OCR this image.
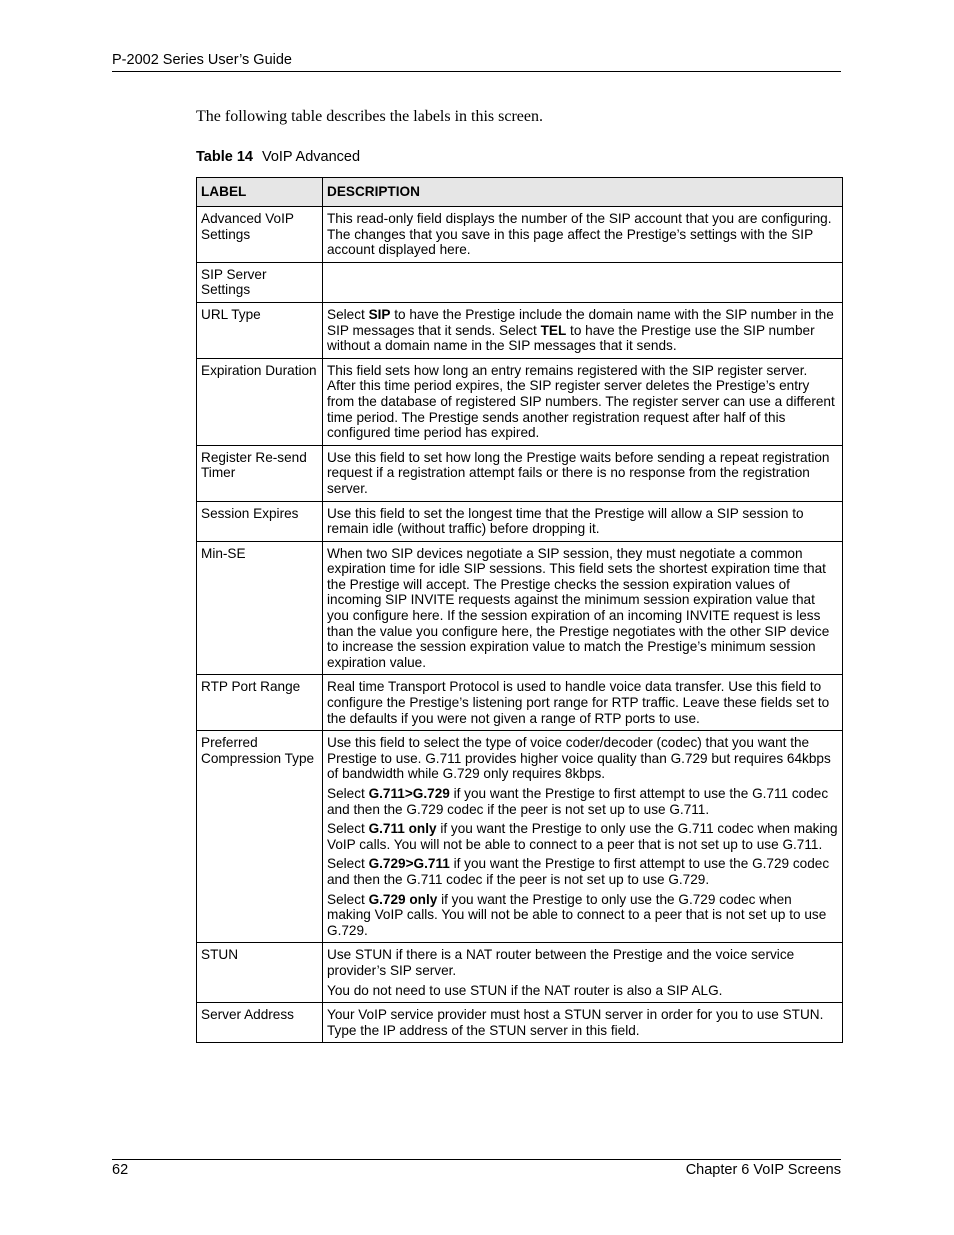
P-2002 Series User’s Guide
The following table describes the labels in this screen.
Table 14 VoIP Advanced
LABEL	DESCRIPTION
Advanced VoIP Settings	This read-only field displays the number of the SIP account that you are configuring. The changes that you save in this page affect the Prestige’s settings with the SIP account displayed here.

SIP Server Settings	
URL Type	Select SIP to have the Prestige include the domain name with the SIP number in the SIP messages that it sends. Select TEL to have the Prestige use the SIP number without a domain name in the SIP messages that it sends.

Expiration Duration	This field sets how long an entry remains registered with the SIP register server. After this time period expires, the SIP register server deletes the Prestige’s entry from the database of registered SIP numbers. The register server can use a different time period. The Prestige sends another registration request after half of this configured time period has expired.

Register Re-send Timer	Use this field to set how long the Prestige waits before sending a repeat registration request if a registration attempt fails or there is no response from the registration server.

Session Expires	Use this field to set the longest time that the Prestige will allow a SIP session to remain idle (without traffic) before dropping it.

Min-SE	When two SIP devices negotiate a SIP session, they must negotiate a common expiration time for idle SIP sessions. This field sets the shortest expiration time that the Prestige will accept. The Prestige checks the session expiration values of incoming SIP INVITE requests against the minimum session expiration value that you configure here. If the session expiration of an incoming INVITE request is less than the value you configure here, the Prestige negotiates with the other SIP device to increase the session expiration value to match the Prestige’s minimum session expiration value.

RTP Port Range	Real time Transport Protocol is used to handle voice data transfer. Use this field to configure the Prestige’s listening port range for RTP traffic. Leave these fields set to the defaults if you were not given a range of RTP ports to use.

Preferred Compression Type	Use this field to select the type of voice coder/decoder (codec) that you want the Prestige to use. G.711 provides higher voice quality than G.729 but requires 64kbps of bandwidth while G.729 only requires 8kbps.

Select G.711>G.729 if you want the Prestige to first attempt to use the G.711 codec and then the G.729 codec if the peer is not set up to use G.711.

Select G.711 only if you want the Prestige to only use the G.711 codec when making VoIP calls. You will not be able to connect to a peer that is not set up to use G.711.

Select G.729>G.711 if you want the Prestige to first attempt to use the G.729 codec and then the G.711 codec if the peer is not set up to use G.729.

Select G.729 only if you want the Prestige to only use the G.729 codec when making VoIP calls. You will not be able to connect to a peer that is not set up to use G.729.

STUN	Use STUN if there is a NAT router between the Prestige and the voice service provider’s SIP server.

You do not need to use STUN if the NAT router is also a SIP ALG.

Server Address	Your VoIP service provider must host a STUN server in order for you to use STUN. Type the IP address of the STUN server in this field.

62	Chapter 6 VoIP Screens
